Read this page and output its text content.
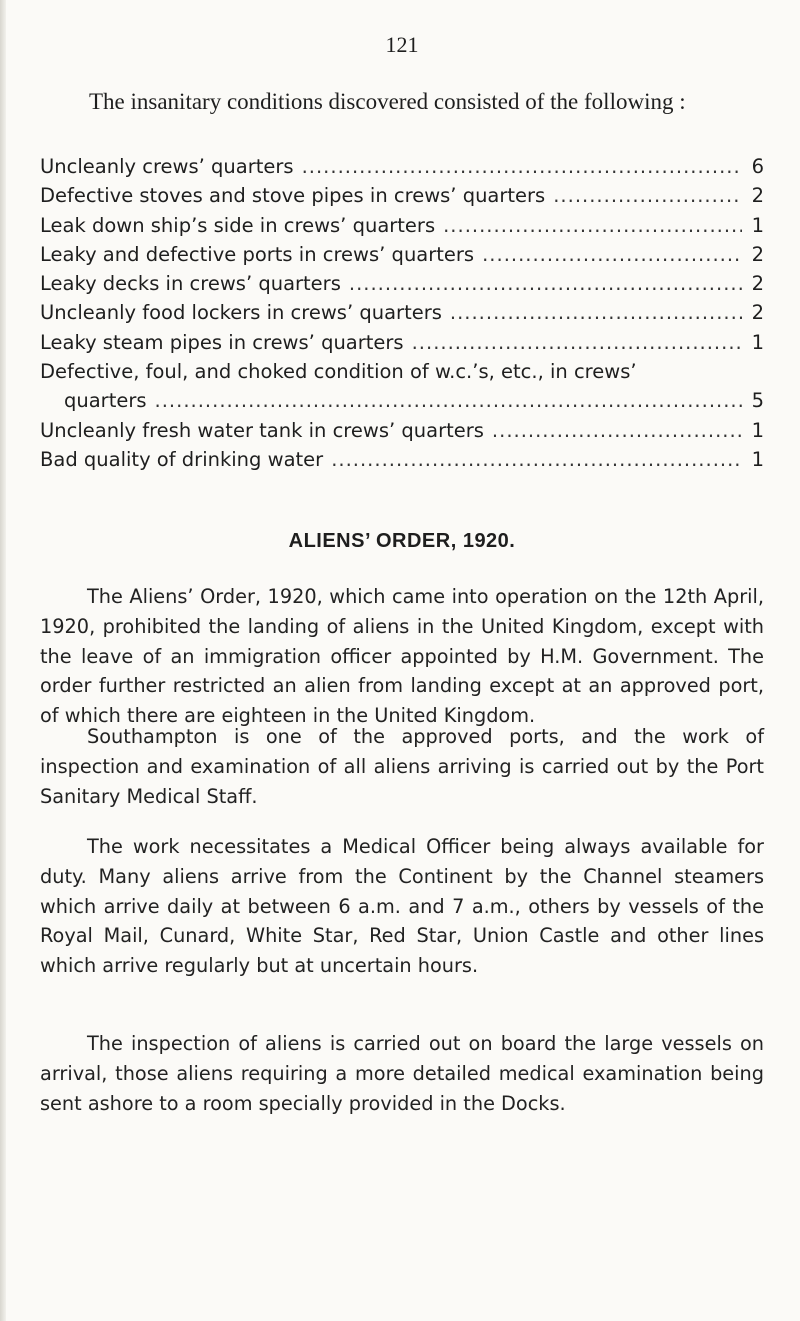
121

The insanitary conditions discovered consisted of the following :

Uncleanly crews’ quarters .....	6
Defective stoves and stove pipes in crews’ quarters .....	2
Leak down ship’s side in crews’ quarters .....	1
Leaky and defective ports in crews’ quarters .....	2
Leaky decks in crews’ quarters .....	2
Uncleanly food lockers in crews’ quarters .....	2
Leaky steam pipes in crews’ quarters .....	1
Defective, foul, and choked condition of w.c.’s, etc., in crews’
quarters .....	5
Uncleanly fresh water tank in crews’ quarters .....	1
Bad quality of drinking water .....	1
ALIENS’ ORDER, 1920.

The Aliens’ Order, 1920, which came into operation on the 12th April, 1920, prohibited the landing of aliens in the United Kingdom, except with the leave of an immigration officer appointed by H.M. Government. The order further restricted an alien from landing except at an approved port, of which there are eighteen in the United Kingdom.

Southampton is one of the approved ports, and the work of inspection and examination of all aliens arriving is carried out by the Port Sanitary Medical Staff.

The work necessitates a Medical Officer being always available for duty. Many aliens arrive from the Continent by the Channel steamers which arrive daily at between 6 a.m. and 7 a.m., others by vessels of the Royal Mail, Cunard, White Star, Red Star, Union Castle and other lines which arrive regularly but at uncertain hours.

The inspection of aliens is carried out on board the large vessels on arrival, those aliens requiring a more detailed medical examination being sent ashore to a room specially provided in the Docks.
